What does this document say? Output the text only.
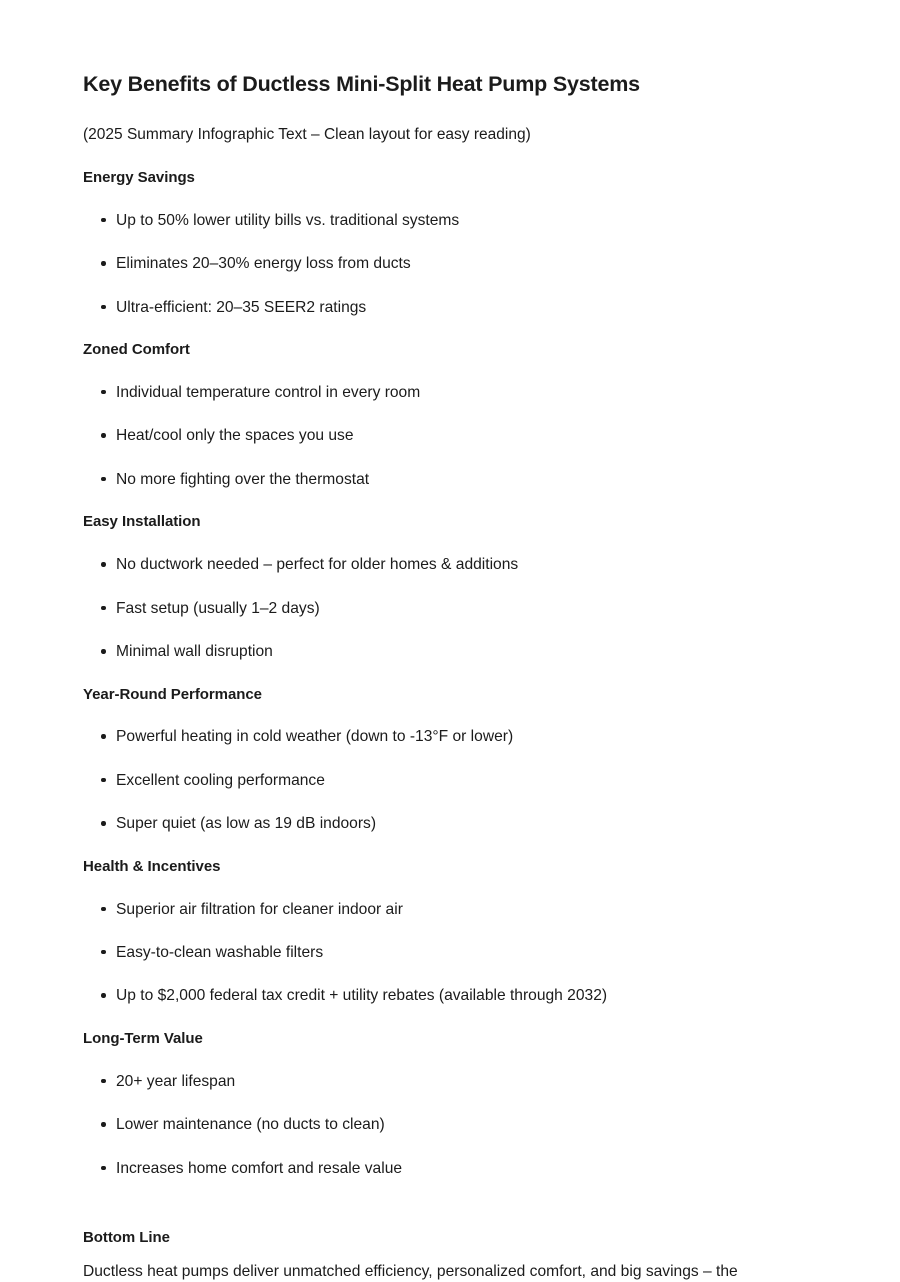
Key Benefits of Ductless Mini-Split Heat Pump Systems

(2025 Summary Infographic Text – Clean layout for easy reading)

Energy Savings
Up to 50% lower utility bills vs. traditional systems
Eliminates 20–30% energy loss from ducts
Ultra-efficient: 20–35 SEER2 ratings
Zoned Comfort
Individual temperature control in every room
Heat/cool only the spaces you use
No more fighting over the thermostat
Easy Installation
No ductwork needed – perfect for older homes & additions
Fast setup (usually 1–2 days)
Minimal wall disruption
Year-Round Performance
Powerful heating in cold weather (down to -13°F or lower)
Excellent cooling performance
Super quiet (as low as 19 dB indoors)
Health & Incentives
Superior air filtration for cleaner indoor air
Easy-to-clean washable filters
Up to $2,000 federal tax credit + utility rebates (available through 2032)
Long-Term Value
20+ year lifespan
Lower maintenance (no ducts to clean)
Increases home comfort and resale value
Bottom Line

Ductless heat pumps deliver unmatched efficiency, personalized comfort, and big savings – the
